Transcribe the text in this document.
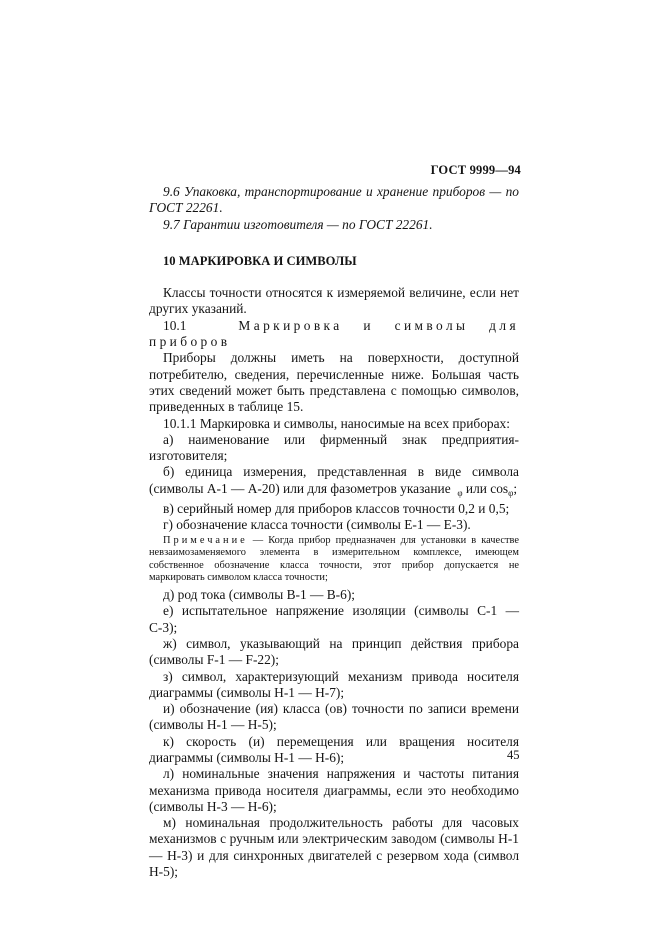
ГОСТ 9999—94

9.6 Упаковка, транспортирование и хранение приборов — по ГОСТ 22261.

9.7 Гарантии изготовителя — по ГОСТ 22261.

10 МАРКИРОВКА И СИМВОЛЫ

Классы точности относятся к измеряемой величине, если нет других указаний.

10.1	Маркировка и символы для приборов

Приборы должны иметь на поверхности, доступной потребителю, сведения, перечисленные ниже. Большая часть этих сведений может быть представлена с помощью символов, приведенных в таблице 15.

10.1.1 Маркировка и символы, наносимые на всех приборах:

а) наименование или фирменный знак предприятия-изготовителя;

б) единица измерения, представленная в виде символа (символы А-1 — А-20) или для фазометров указание $_\varphi$ или $\cos_\varphi$;

в) серийный номер для приборов классов точности 0,2 и 0,5;

г) обозначение класса точности (символы Е-1 — Е-3).

Примечание — Когда прибор предназначен для установки в качестве невзаимозаменяемого элемента в измерительном комплексе, имеющем собственное обозначение класса точности, этот прибор допускается не маркировать символом класса точности;

д) род тока (символы В-1 — В-6);

е) испытательное напряжение изоляции (символы С-1 — С-3);

ж) символ, указывающий на принцип действия прибора (символы F-1 — F-22);

з) символ, характеризующий механизм привода носителя диаграммы (символы Н-1 — Н-7);

и) обозначение (ия) класса (ов) точности по записи времени (символы Н-1 — Н-5);

к) скорость (и) перемещения или вращения носителя диаграммы (символы Н-1 — Н-6);

л) номинальные значения напряжения и частоты питания механизма привода носителя диаграммы, если это необходимо (символы Н-3 — Н-6);

м) номинальная продолжительность работы для часовых механизмов с ручным или электрическим заводом (символы Н-1 — Н-3) и для синхронных двигателей с резервом хода (символ Н-5);

45
